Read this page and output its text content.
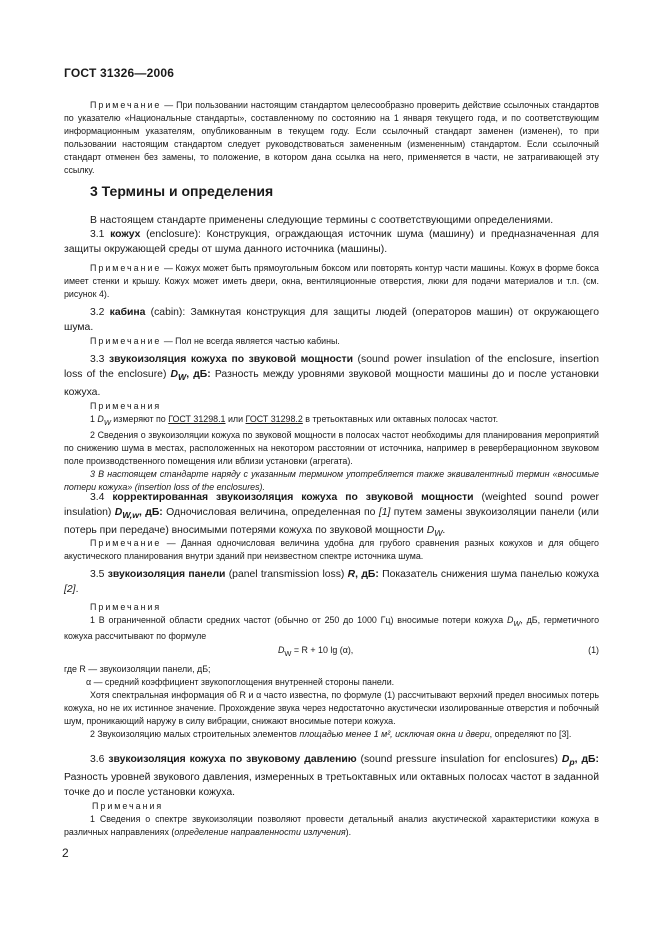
ГОСТ 31326—2006

Примечание — При пользовании настоящим стандартом целесообразно проверить действие ссылочных стандартов по указателю «Национальные стандарты», составленному по состоянию на 1 января текущего года, и по соответствующим информационным указателям, опубликованным в текущем году. Если ссылочный стандарт заменен (изменен), то при пользовании настоящим стандартом следует руководствоваться замененным (измененным) стандартом. Если ссылочный стандарт отменен без замены, то положение, в котором дана ссылка на него, применяется в части, не затрагивающей эту ссылку.

3 Термины и определения

В настоящем стандарте применены следующие термины с соответствующими определениями.

3.1 кожух (enclosure): Конструкция, ограждающая источник шума (машину) и предназначенная для защиты окружающей среды от шума данного источника (машины).

Примечание — Кожух может быть прямоугольным боксом или повторять контур части машины. Кожух в форме бокса имеет стенки и крышу. Кожух может иметь двери, окна, вентиляционные отверстия, люки для подачи материалов и т.п. (см. рисунок 4).

3.2 кабина (cabin): Замкнутая конструкция для защиты людей (операторов машин) от окружающего шума.

Примечание — Пол не всегда является частью кабины.

3.3 звукоизоляция кожуха по звуковой мощности (sound power insulation of the enclosure, insertion loss of the enclosure) $D_W$, дБ: Разность между уровнями звуковой мощности машины до и после установки кожуха.

Примечания

1 $D_W$ измеряют по ГОСТ 31298.1 или ГОСТ 31298.2 в третьоктавных или октавных полосах частот.

2 Сведения о звукоизоляции кожуха по звуковой мощности в полосах частот необходимы для планирования мероприятий по снижению шума в местах, расположенных на некотором расстоянии от источника, например в реверберационном звуковом поле производственного помещения или вблизи установки (агрегата).

3 В настоящем стандарте наряду с указанным термином употребляется также эквивалентный термин «вносимые потери кожуха» (insertion loss of the enclosures).

3.4 корректированная звукоизоляция кожуха по звуковой мощности (weighted sound power insulation) $D_{W,w}$, дБ: Одночисловая величина, определенная по [1] путем замены звукоизоляции панели (или потерь при передаче) вносимыми потерями кожуха по звуковой мощности $D_W$.

Примечание — Данная одночисловая величина удобна для грубого сравнения разных кожухов и для общего акустического планирования внутри зданий при неизвестном спектре источника шума.

3.5 звукоизоляция панели (panel transmission loss) R, дБ: Показатель снижения шума панелью кожуха [2].

Примечания

1 В ограниченной области средних частот (обычно от 250 до 1000 Гц) вносимые потери кожуха $D_W$, дБ, герметичного кожуха рассчитывают по формуле

$D_W = R + 10$ lg (α),	(1)

где R — звукоизоляции панели, дБ;

α — средний коэффициент звукопоглощения внутренней стороны панели.

Хотя спектральная информация об R и α часто известна, по формуле (1) рассчитывают верхний предел вносимых потерь кожуха, но не их истинное значение. Прохождение звука через недостаточно акустически изолированные отверстия и побочный шум, проникающий наружу в силу вибрации, снижают вносимые потери кожуха.

2 Звукоизоляцию малых строительных элементов площадью менее 1 м², исключая окна и двери, определяют по [3].

3.6 звукоизоляция кожуха по звуковому давлению (sound pressure insulation for enclosures) $D_p$, дБ: Разность уровней звукового давления, измеренных в третьоктавных или октавных полосах частот в заданной точке до и после установки кожуха.

Примечания

1 Сведения о спектре звукоизоляции позволяют провести детальный анализ акустической характеристики кожуха в различных направлениях (определение направленности излучения).

2
